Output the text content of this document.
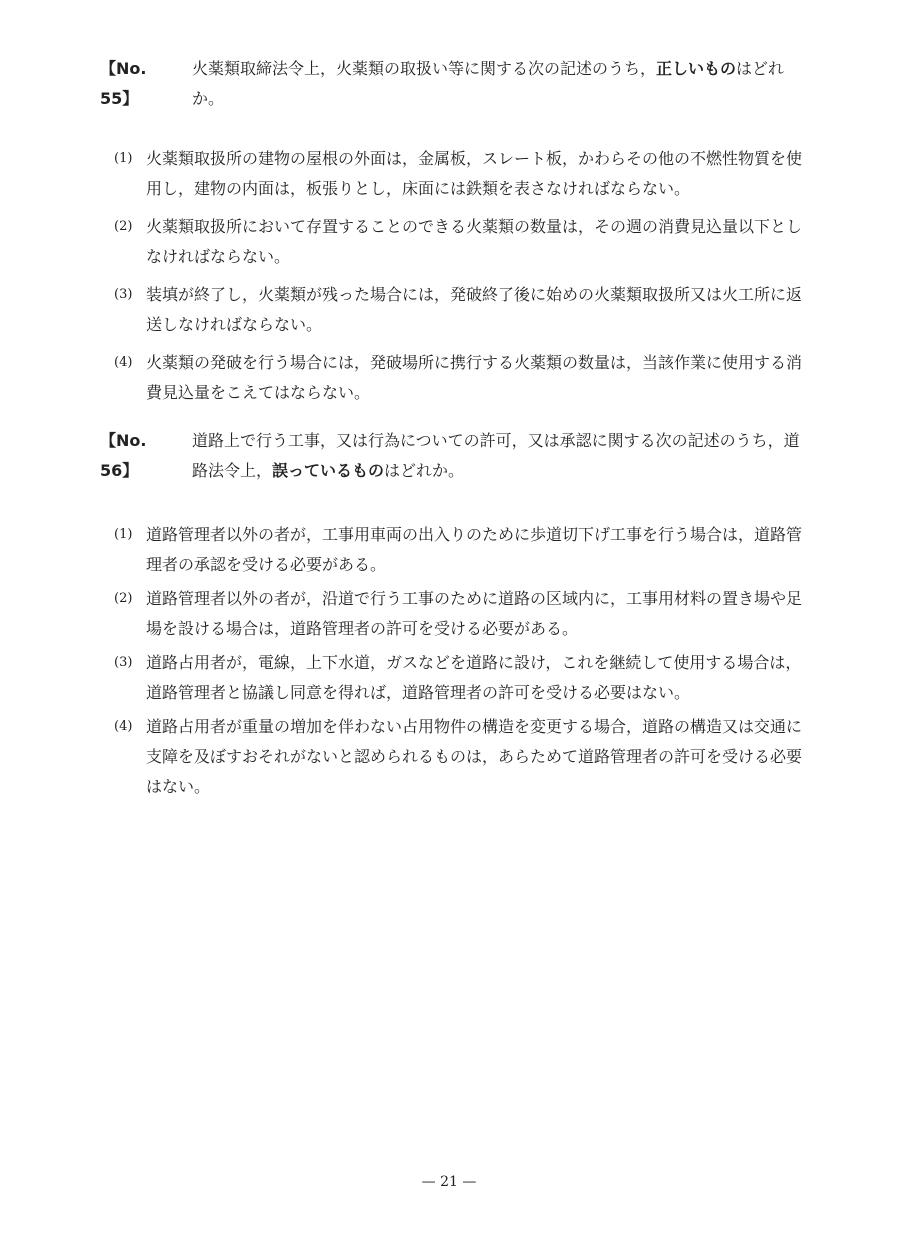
【No.　55】
火薬類取締法令上，火薬類の取扱い等に関する次の記述のうち，正しいものはどれか。
(1) 火薬類取扱所の建物の屋根の外面は，金属板，スレート板，かわらその他の不燃性物質を使用し，建物の内面は，板張りとし，床面には鉄類を表さなければならない。
(2) 火薬類取扱所において存置することのできる火薬類の数量は，その週の消費見込量以下としなければならない。
(3) 装填が終了し，火薬類が残った場合には，発破終了後に始めの火薬類取扱所又は火工所に返送しなければならない。
(4) 火薬類の発破を行う場合には，発破場所に携行する火薬類の数量は，当該作業に使用する消費見込量をこえてはならない。
【No.　56】
道路上で行う工事，又は行為についての許可，又は承認に関する次の記述のうち，道路法令上，誤っているものはどれか。
(1) 道路管理者以外の者が，工事用車両の出入りのために歩道切下げ工事を行う場合は，道路管理者の承認を受ける必要がある。
(2) 道路管理者以外の者が，沿道で行う工事のために道路の区域内に，工事用材料の置き場や足場を設ける場合は，道路管理者の許可を受ける必要がある。
(3) 道路占用者が，電線，上下水道，ガスなどを道路に設け，これを継続して使用する場合は，道路管理者と協議し同意を得れば，道路管理者の許可を受ける必要はない。
(4) 道路占用者が重量の増加を伴わない占用物件の構造を変更する場合，道路の構造又は交通に支障を及ぼすおそれがないと認められるものは，あらためて道路管理者の許可を受ける必要はない。
— 21 —
